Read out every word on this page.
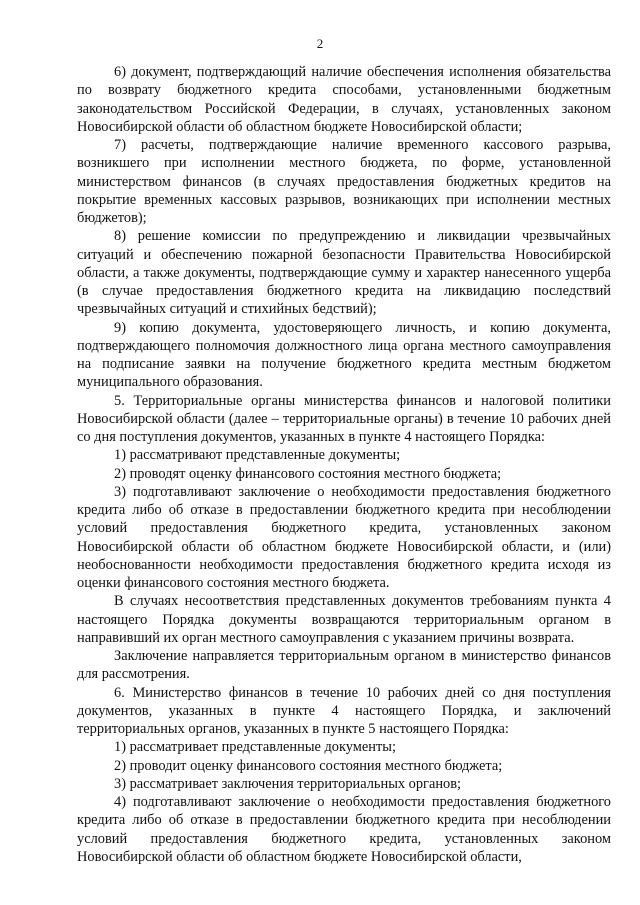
2

6) документ, подтверждающий наличие обеспечения исполнения обязательства по возврату бюджетного кредита способами, установленными бюджетным законодательством Российской Федерации, в случаях, установленных законом Новосибирской области об областном бюджете Новосибирской области;

7) расчеты, подтверждающие наличие временного кассового разрыва, возникшего при исполнении местного бюджета, по форме, установленной министерством финансов (в случаях предоставления бюджетных кредитов на покрытие временных кассовых разрывов, возникающих при исполнении местных бюджетов);

8) решение комиссии по предупреждению и ликвидации чрезвычайных ситуаций и обеспечению пожарной безопасности Правительства Новосибирской области, а также документы, подтверждающие сумму и характер нанесенного ущерба (в случае предоставления бюджетного кредита на ликвидацию последствий чрезвычайных ситуаций и стихийных бедствий);

9) копию документа, удостоверяющего личность, и копию документа, подтверждающего полномочия должностного лица органа местного самоуправления на подписание заявки на получение бюджетного кредита местным бюджетом муниципального образования.

5. Территориальные органы министерства финансов и налоговой политики Новосибирской области (далее – территориальные органы) в течение 10 рабочих дней со дня поступления документов, указанных в пункте 4 настоящего Порядка:

1) рассматривают представленные документы;

2) проводят оценку финансового состояния местного бюджета;

3) подготавливают заключение о необходимости предоставления бюджетного кредита либо об отказе в предоставлении бюджетного кредита при несоблюдении условий предоставления бюджетного кредита, установленных законом Новосибирской области об областном бюджете Новосибирской области, и (или) необоснованности необходимости предоставления бюджетного кредита исходя из оценки финансового состояния местного бюджета.

В случаях несоответствия представленных документов требованиям пункта 4 настоящего Порядка документы возвращаются территориальным органом в направивший их орган местного самоуправления с указанием причины возврата.

Заключение направляется территориальным органом в министерство финансов для рассмотрения.

6. Министерство финансов в течение 10 рабочих дней со дня поступления документов, указанных в пункте 4 настоящего Порядка, и заключений территориальных органов, указанных в пункте 5 настоящего Порядка:

1) рассматривает представленные документы;

2) проводит оценку финансового состояния местного бюджета;

3) рассматривает заключения территориальных органов;

4) подготавливают заключение о необходимости предоставления бюджетного кредита либо об отказе в предоставлении бюджетного кредита при несоблюдении условий предоставления бюджетного кредита, установленных законом Новосибирской области об областном бюджете Новосибирской области,
